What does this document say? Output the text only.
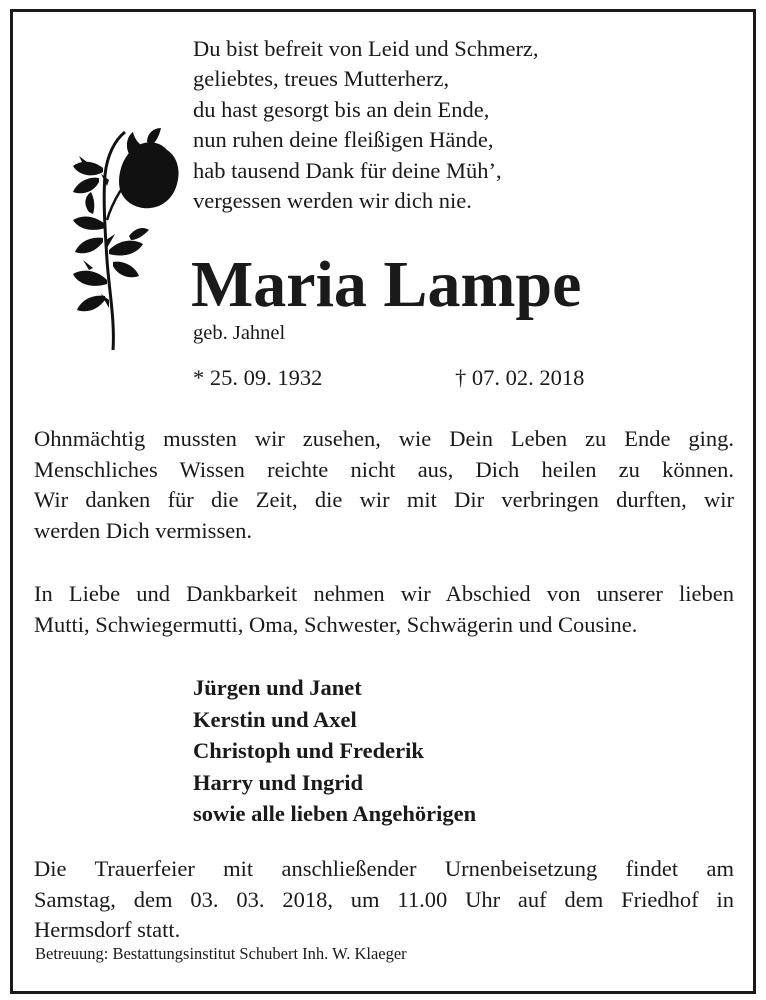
Du bist befreit von Leid und Schmerz,
geliebtes, treues Mutterherz,
du hast gesorgt bis an dein Ende,
nun ruhen deine fleißigen Hände,
hab tausend Dank für deine Müh’,
vergessen werden wir dich nie.
Maria Lampe
geb. Jahnel
* 25. 09. 1932	† 07. 02. 2018
Ohnmächtig mussten wir zusehen, wie Dein Leben zu Ende ging.
Menschliches Wissen reichte nicht aus, Dich heilen zu können.
Wir danken für die Zeit, die wir mit Dir verbringen durften, wir
werden Dich vermissen.
In Liebe und Dankbarkeit nehmen wir Abschied von unserer lieben
Mutti, Schwiegermutti, Oma, Schwester, Schwägerin und Cousine.
Jürgen und Janet
Kerstin und Axel
Christoph und Frederik
Harry und Ingrid
sowie alle lieben Angehörigen
Die Trauerfeier mit anschließender Urnenbeisetzung findet am
Samstag, dem 03. 03. 2018, um 11.00 Uhr auf dem Friedhof in
Hermsdorf statt.
Betreuung: Bestattungsinstitut Schubert Inh. W. Klaeger
